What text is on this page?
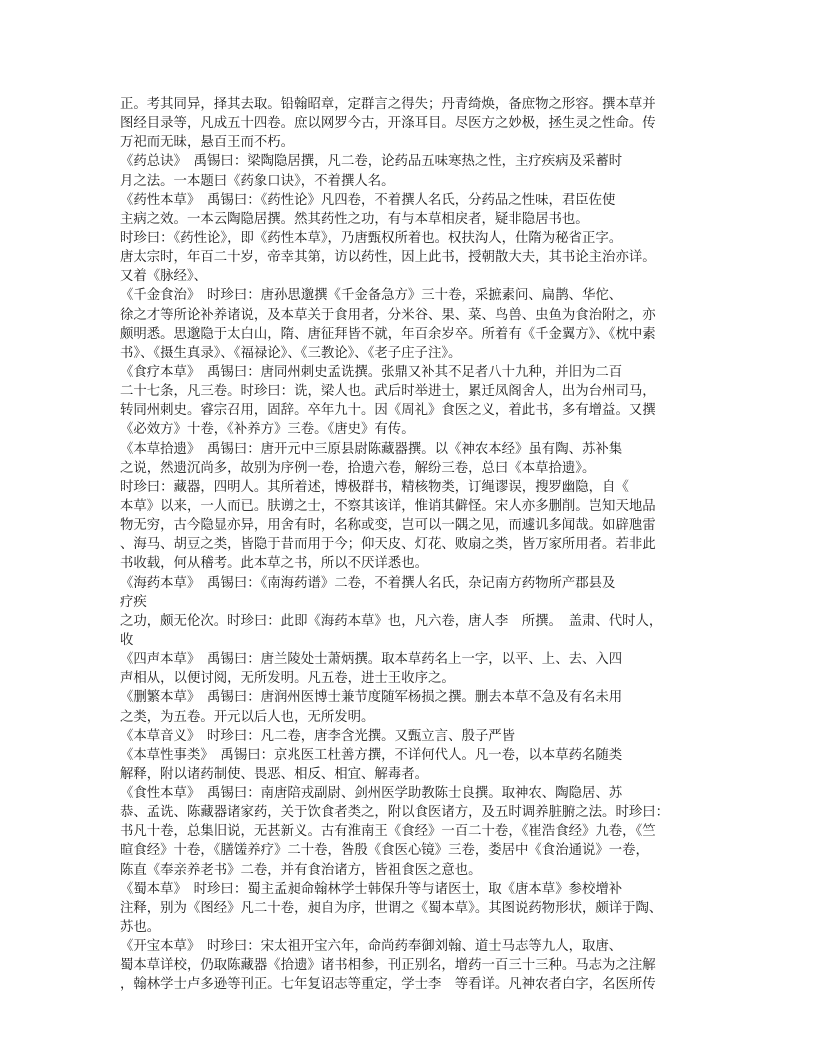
正。考其同异，择其去取。铅翰昭章，定群言之得失；丹青绮焕，备庶物之形容。撰本草并
图经目录等，凡成五十四卷。庶以网罗今古，开涤耳目。尽医方之妙极，拯生灵之性命。传
万祀而无昧，悬百王而不朽。
《药总诀》　禹锡曰：梁陶隐居撰，凡二卷，论药品五味寒热之性，主疗疾病及采蓄时
月之法。一本题曰《药象口诀》，不着撰人名。
《药性本草》　禹锡曰：《药性论》凡四卷，不着撰人名氏，分药品之性味，君臣佐使
主病之效。一本云陶隐居撰。然其药性之功，有与本草相戾者，疑非隐居书也。
时珍曰：《药性论》，即《药性本草》，乃唐甄权所着也。权扶沟人，仕隋为秘省正字。
唐太宗时，年百二十岁，帝幸其第，访以药性，因上此书，授朝散大夫，其书论主治亦详。
又着《脉经》、
《千金食治》　时珍曰：唐孙思邈撰《千金备急方》三十卷，采摭素问、扁鹊、华佗、
徐之才等所论补养诸说，及本草关于食用者，分米谷、果、菜、鸟兽、虫鱼为食治附之，亦
颇明悉。思邈隐于太白山，隋、唐征拜皆不就，年百余岁卒。所着有《千金翼方》、《枕中素
书》、《摄生真录》、《福禄论》、《三教论》、《老子庄子注》。
《食疗本草》　禹锡曰：唐同州刺史孟诜撰。张鼎又补其不足者八十九种，并旧为二百
二十七条，凡三卷。时珍曰：诜，梁人也。武后时举进士，累迁凤阁舍人，出为台州司马，
转同州刺史。睿宗召用，固辞。卒年九十。因《周礼》食医之义，着此书，多有增益。又撰
《必效方》十卷，《补养方》三卷。《唐史》有传。
《本草拾遗》　禹锡曰：唐开元中三原县尉陈藏器撰。以《神农本经》虽有陶、苏补集
之说，然遗沉尚多，故别为序例一卷，拾遗六卷，解纷三卷，总曰《本草拾遗》。
时珍曰：藏器，四明人。其所着述，博极群书，精核物类，订绳谬误，搜罗幽隐，自《
本草》以来，一人而已。肤谫之士，不察其该详，惟诮其僻怪。宋人亦多删削。岂知天地品
物无穷，古今隐显亦异，用舍有时，名称或变，岂可以一隅之见，而遽讥多闻哉。如辟虺雷
、海马、胡豆之类，皆隐于昔而用于今；仰天皮、灯花、败扇之类，皆万家所用者。若非此
书收载，何从稽考。此本草之书，所以不厌详悉也。
《海药本草》　禹锡曰：《南海药谱》二卷，不着撰人名氏，杂记南方药物所产郡县及
疗疾
之功，颇无伦次。时珍曰：此即《海药本草》也，凡六卷，唐人李　所撰。　盖肃、代时人，
收
《四声本草》　禹锡曰：唐兰陵处士萧炳撰。取本草药名上一字，以平、上、去、入四
声相从，以便讨阅，无所发明。凡五卷，进士王收序之。
《删繁本草》　禹锡曰：唐润州医博士兼节度随军杨损之撰。删去本草不急及有名未用
之类，为五卷。开元以后人也，无所发明。
《本草音义》　时珍曰：凡二卷，唐李含光撰。又甄立言、殷子严皆
《本草性事类》　禹锡曰：京兆医工杜善方撰，不详何代人。凡一卷，以本草药名随类
解释，附以诸药制使、畏恶、相反、相宜、解毒者。
《食性本草》　禹锡曰：南唐陪戎副尉、剑州医学助教陈士良撰。取神农、陶隐居、苏
恭、孟诜、陈藏器诸家药，关于饮食者类之，附以食医诸方，及五时调养脏腑之法。时珍曰：
书凡十卷，总集旧说，无甚新义。古有淮南王《食经》一百二十卷，《崔浩食经》九卷，《竺
暄食经》十卷，《膳馐养疗》二十卷，昝殷《食医心镜》三卷，娄居中《食治通说》一卷，
陈直《奉亲养老书》二卷，并有食治诸方，皆祖食医之意也。
《蜀本草》　时珍曰：蜀主孟昶命翰林学士韩保升等与诸医士，取《唐本草》参校增补
注释，别为《图经》凡二十卷，昶自为序，世谓之《蜀本草》。其图说药物形状，颇详于陶、
苏也。
《开宝本草》　时珍曰：宋太祖开宝六年，命尚药奉御刘翰、道士马志等九人，取唐、
蜀本草详校，仍取陈藏器《拾遗》诸书相参，刊正别名，增药一百三十三种。马志为之注解
，翰林学士卢多逊等刊正。七年复诏志等重定，学士李　等看详。凡神农者白字，名医所传
